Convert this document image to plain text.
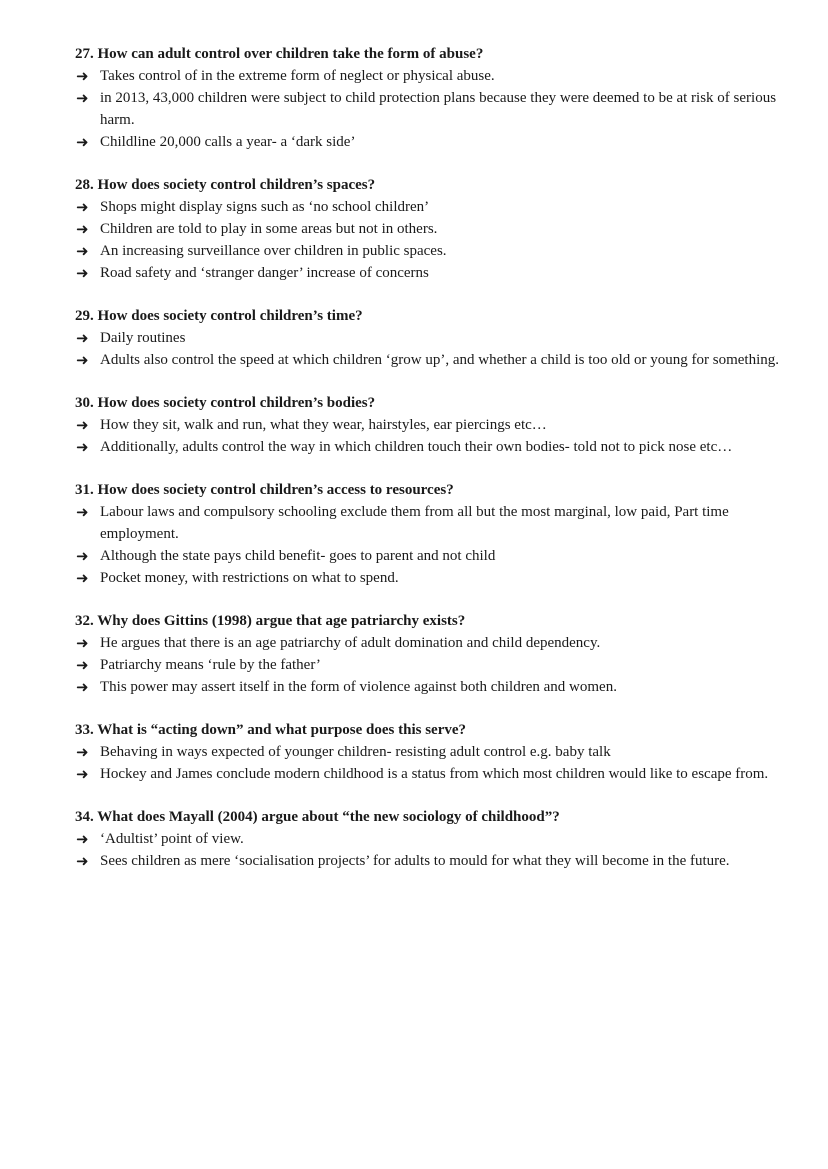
27. How can adult control over children take the form of abuse?

➜ Takes control of in the extreme form of neglect or physical abuse.
➜ in 2013, 43,000 children were subject to child protection plans because they were deemed to be at risk of serious harm.
➜ Childline 20,000 calls a year- a ‘dark side’

28. How does society control children’s spaces?

➜ Shops might display signs such as ‘no school children’
➜ Children are told to play in some areas but not in others.
➜ An increasing surveillance over children in public spaces.
➜ Road safety and ‘stranger danger’ increase of concerns

29. How does society control children’s time?

➜ Daily routines
➜ Adults also control the speed at which children ‘grow up’, and whether a child is too old or young for something.

30. How does society control children’s bodies?

➜ How they sit, walk and run, what they wear, hairstyles, ear piercings etc…
➜ Additionally, adults control the way in which children touch their own bodies- told not to pick nose etc…

31. How does society control children’s access to resources?

➜ Labour laws and compulsory schooling exclude them from all but the most marginal, low paid, Part time employment.
➜ Although the state pays child benefit- goes to parent and not child
➜ Pocket money, with restrictions on what to spend.

32. Why does Gittins (1998) argue that age patriarchy exists?

➜ He argues that there is an age patriarchy of adult domination and child dependency.
➜ Patriarchy means ‘rule by the father’
➜ This power may assert itself in the form of violence against both children and women.

33. What is “acting down” and what purpose does this serve?

➜ Behaving in ways expected of younger children- resisting adult control e.g. baby talk
➜ Hockey and James conclude modern childhood is a status from which most children would like to escape from.

34. What does Mayall (2004) argue about “the new sociology of childhood”?

➜ ‘Adultist’ point of view.
➜ Sees children as mere ‘socialisation projects’ for adults to mould for what they will become in the future.
